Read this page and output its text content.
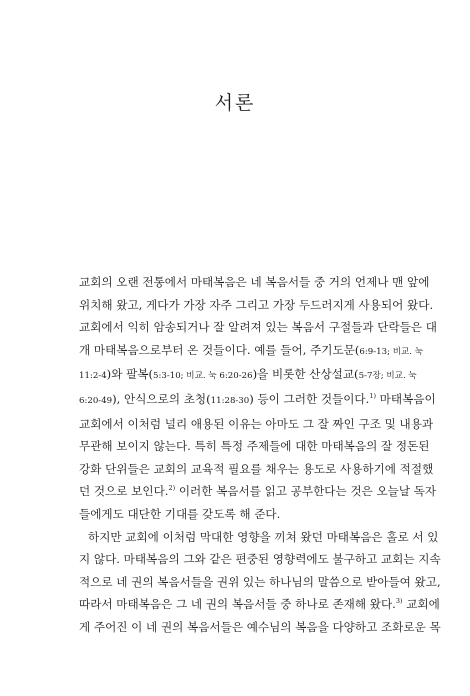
서론
교회의 오랜 전통에서 마태복음은 네 복음서들 중 거의 언제나 맨 앞에
위치해 왔고, 게다가 가장 자주 그리고 가장 두드러지게 사용되어 왔다.
교회에서 익히 암송되거나 잘 알려져 있는 복음서 구절들과 단락들은 대
개 마태복음으로부터 온 것들이다. 예를 들어, 주기도문(6:9-13; 비교. 눅
11:2-4)와 팔복(5:3-10; 비교. 눅 6:20-26)을 비롯한 산상설교(5-7장; 비교. 눅
6:20-49), 안식으로의 초청(11:28-30) 등이 그러한 것들이다.$^{1)}$ 마태복음이
교회에서 이처럼 널리 애용된 이유는 아마도 그 잘 짜인 구조 및 내용과
무관해 보이지 않는다. 특히 특정 주제들에 대한 마태복음의 잘 정돈된
강화 단위들은 교회의 교육적 필요를 채우는 용도로 사용하기에 적절했
던 것으로 보인다.$^{2)}$ 이러한 복음서를 읽고 공부한다는 것은 오늘날 독자
들에게도 대단한 기대를 갖도록 해 준다.
하지만 교회에 이처럼 막대한 영향을 끼쳐 왔던 마태복음은 홀로 서 있
지 않다. 마태복음의 그와 같은 편중된 영향력에도 불구하고 교회는 지속
적으로 네 권의 복음서들을 권위 있는 하나님의 말씀으로 받아들여 왔고,
따라서 마태복음은 그 네 권의 복음서들 중 하나로 존재해 왔다.$^{3)}$ 교회에
게 주어진 이 네 권의 복음서들은 예수님의 복음을 다양하고 조화로운 목
